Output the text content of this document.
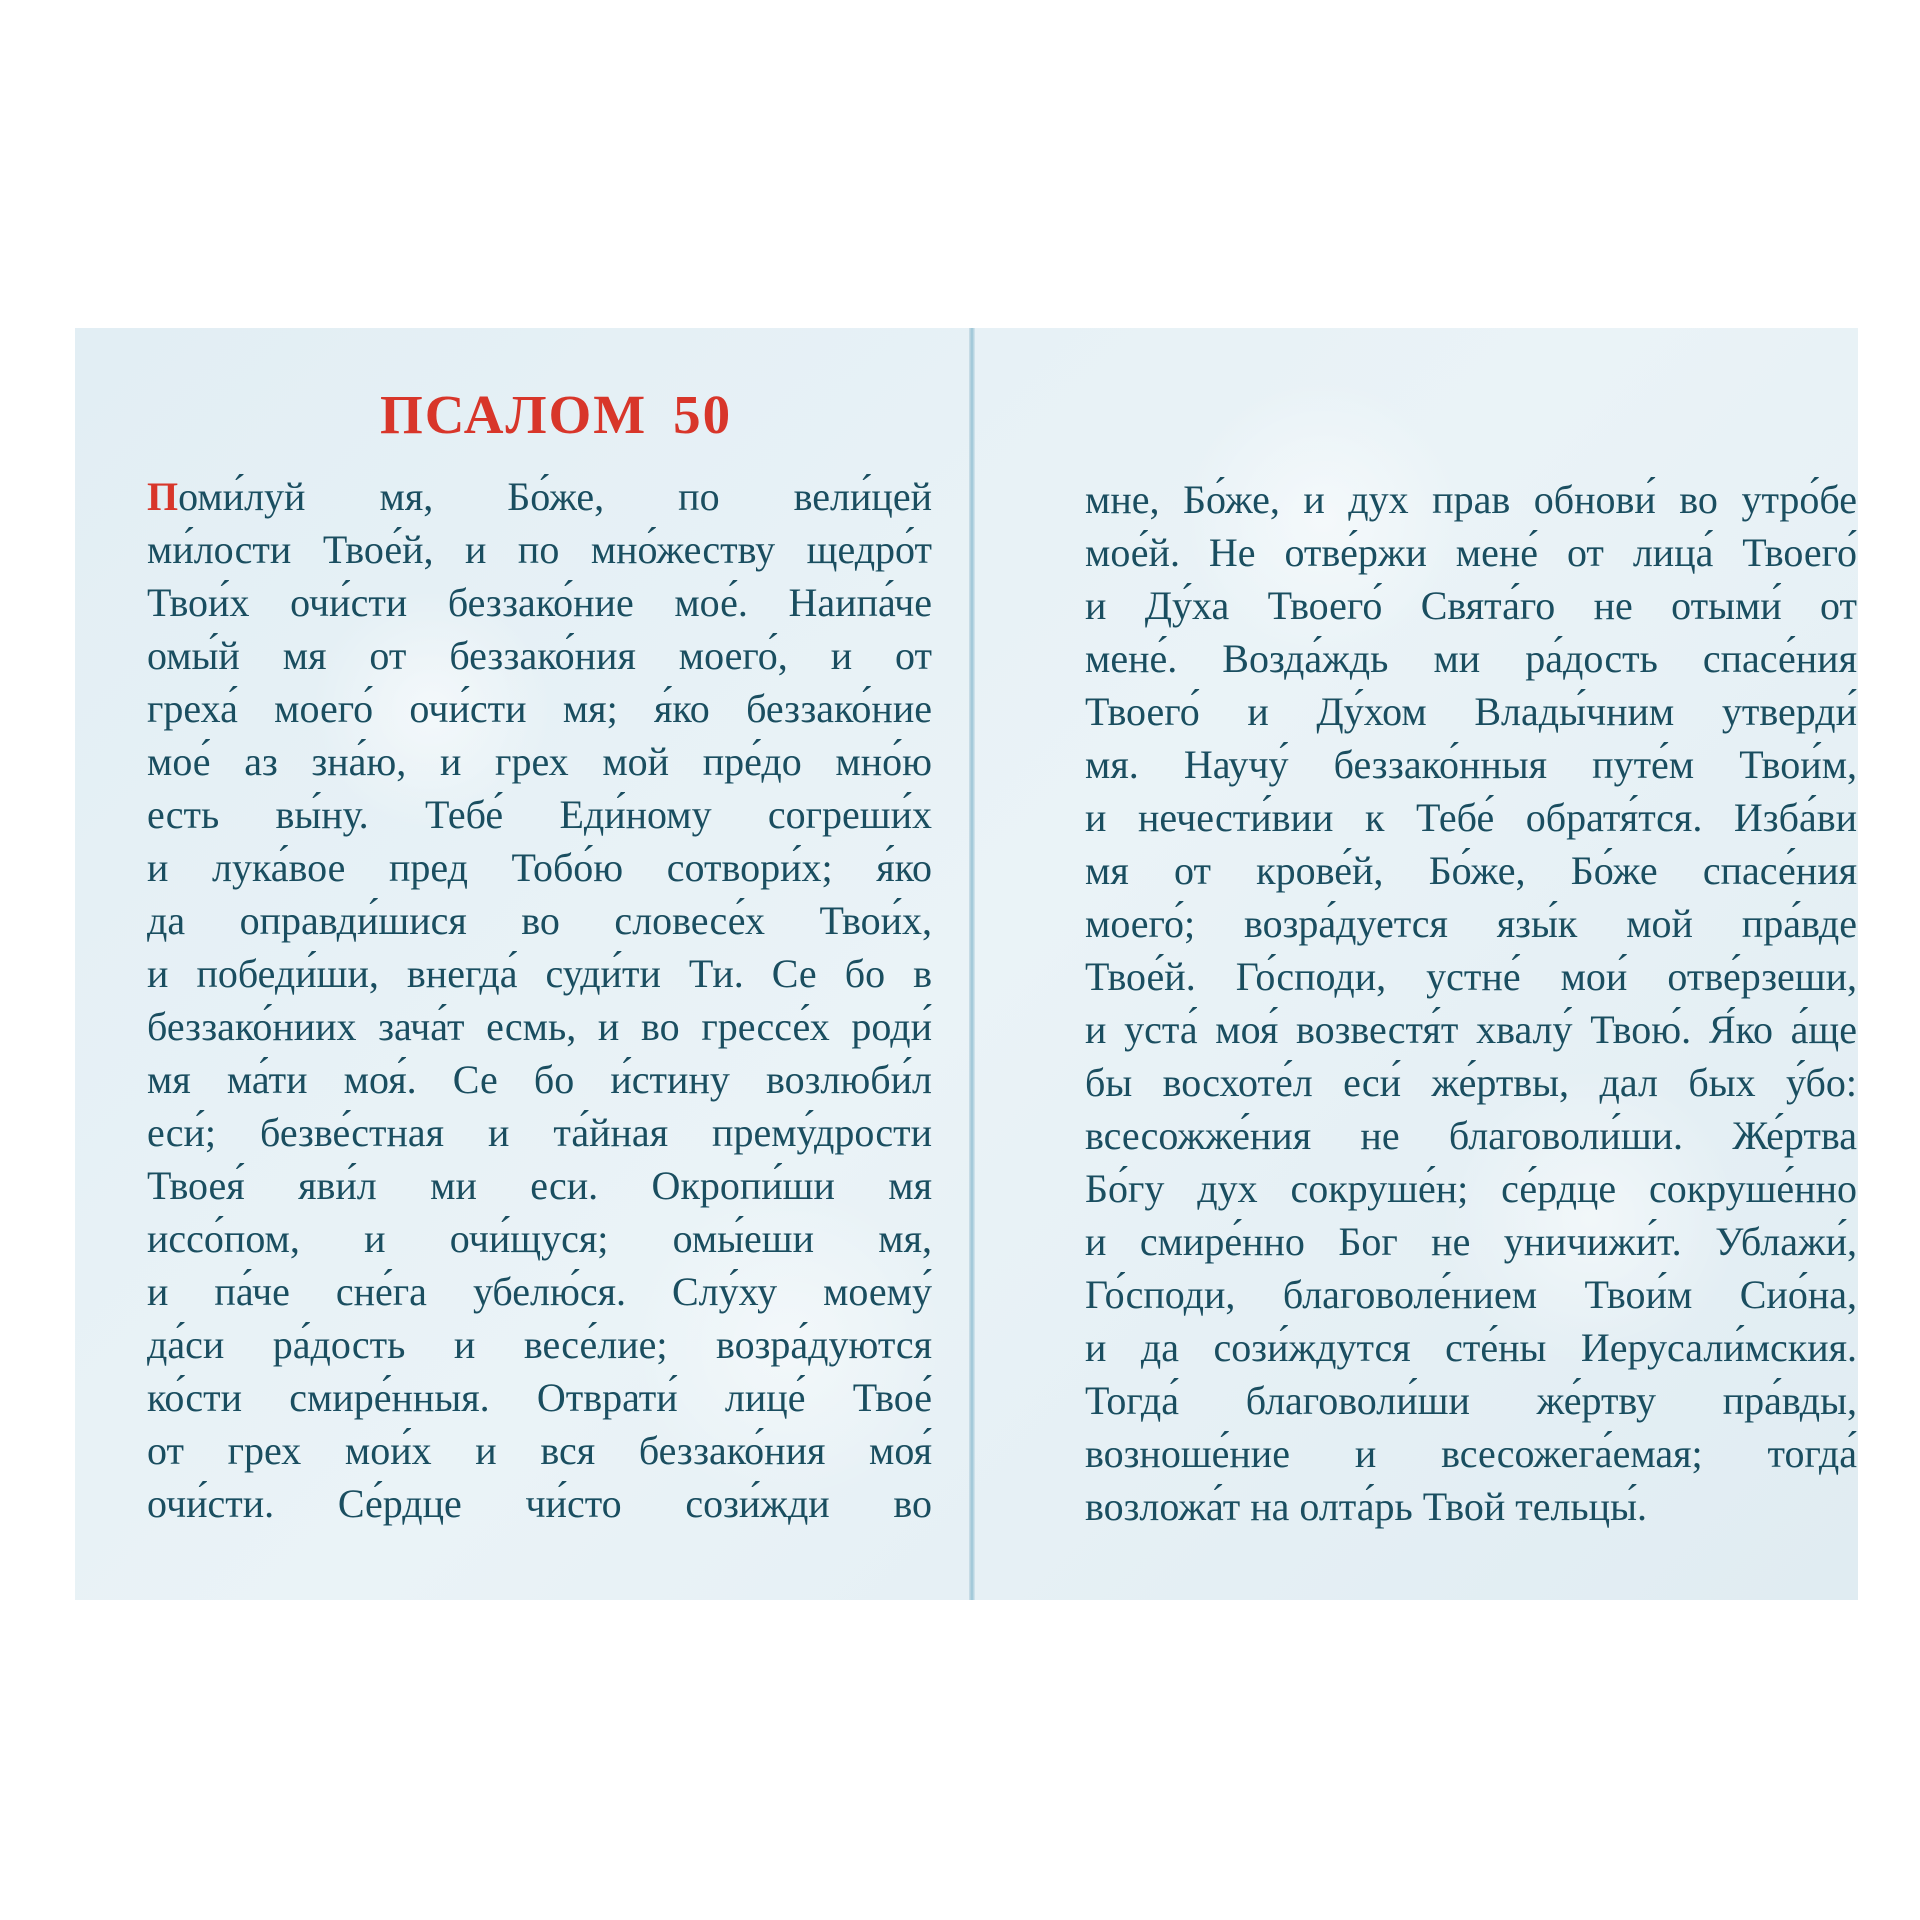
ПСАЛОМ 50

Поми́луй мя, Бо́же, по вели́цей
ми́лости Твое́й, и по мно́жеству щедро́т
Твои́х очи́сти беззако́ние мое́. Наипа́че
омы́й мя от беззако́ния моего́, и от
греха́ моего́ очи́сти мя; я́ко беззако́ние
мое́ аз зна́ю, и грех мой пре́до мно́ю
есть вы́ну. Тебе́ Еди́ному согреши́х
и лука́вое пред Тобо́ю сотвори́х; я́ко
да оправди́шися во словесе́х Твои́х,
и победи́ши, внегда́ суди́ти Ти. Се бо в
беззако́ниих зача́т есмь, и во грессе́х роди́
мя ма́ти моя́. Се бо и́стину возлюби́л
еси́; безве́стная и та́йная прему́дрости
Твоея́ яви́л ми еси. Окропи́ши мя
иссо́пом, и очи́щуся; омы́еши мя,
и па́че сне́га убелю́ся. Слу́ху моему́
да́си ра́дость и весе́лие; возра́дуются
ко́сти смире́нныя. Отврати́ лице́ Твое́
от грех мои́х и вся беззако́ния моя́
очи́сти. Се́рдце чи́сто сози́жди во

мне, Бо́же, и дух прав обнови́ во утро́бе
мое́й. Не отве́ржи мене́ от лица́ Твоего́
и Ду́ха Твоего́ Свята́го не отыми́ от
мене́. Возда́ждь ми ра́дость спасе́ния
Твоего́ и Ду́хом Влады́чним утверди́
мя. Научу́ беззако́нныя путе́м Твои́м,
и нечести́вии к Тебе́ обратя́тся. Изба́ви
мя от крове́й, Бо́же, Бо́же спасе́ния
моего́; возра́дуется язы́к мой пра́вде
Твое́й. Го́споди, устне́ мои́ отве́рзеши,
и уста́ моя́ возвестя́т хвалу́ Твою́. Я́ко а́ще
бы восхоте́л еси́ же́ртвы, дал бых у́бо:
всесожже́ния не благоволи́ши. Же́ртва
Бо́гу дух сокруше́н; се́рдце сокруше́нно
и смире́нно Бог не уничижи́т. Ублажи́,
Го́споди, благоволе́нием Твои́м Сио́на,
и да сози́ждутся сте́ны Иерусали́мския.
Тогда́ благоволи́ши же́ртву пра́вды,
возноше́ние и всесожега́емая; тогда́
возложа́т на олта́рь Твой тельцы́.
